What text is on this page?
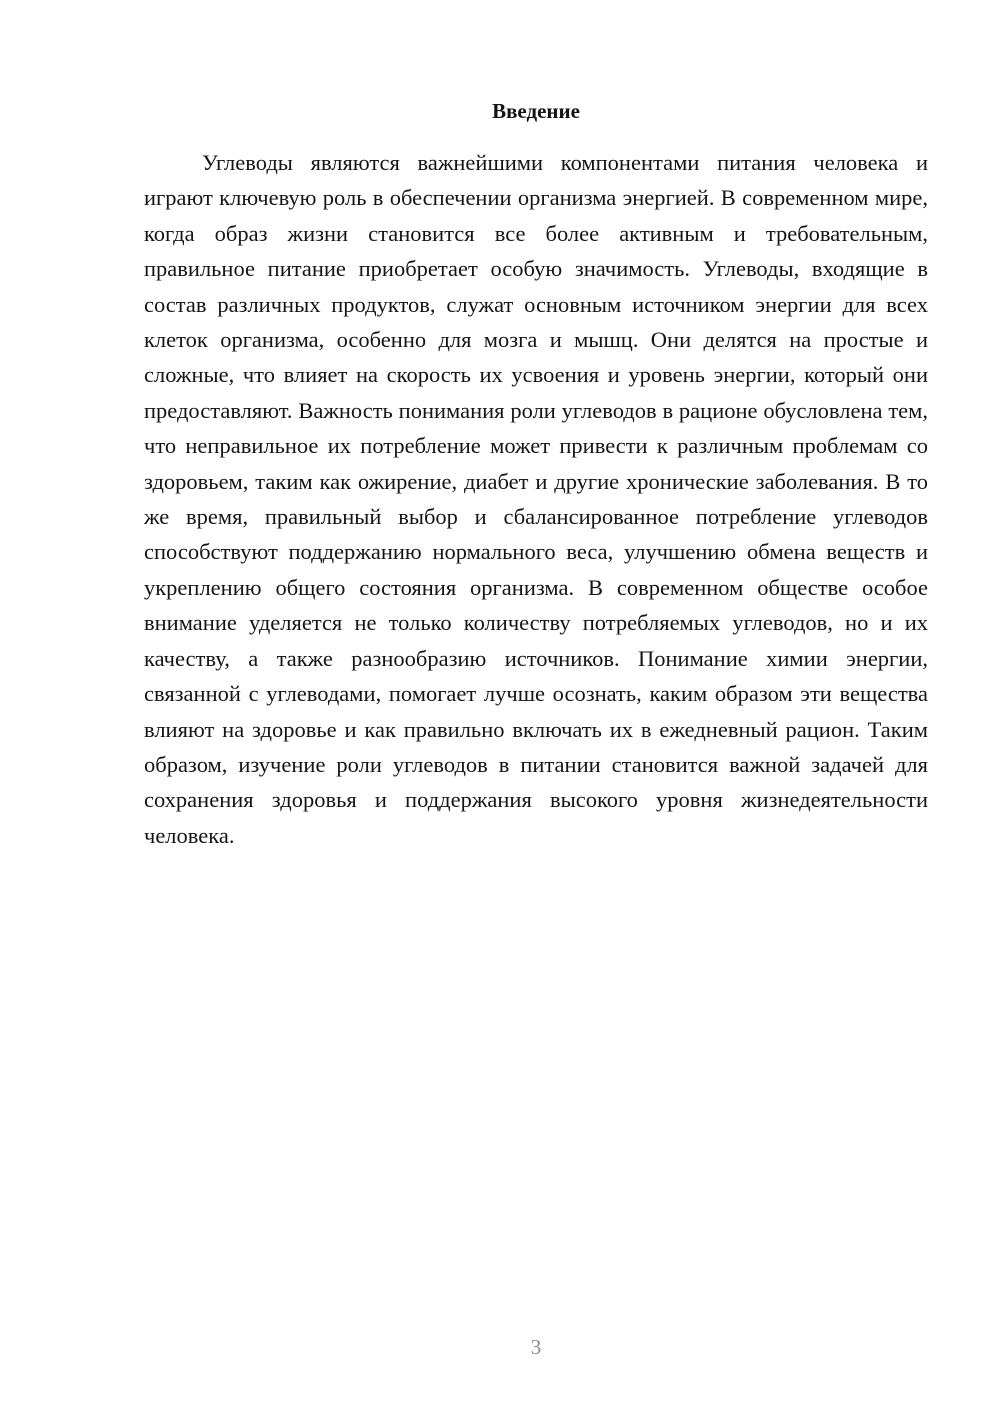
Введение

Углеводы являются важнейшими компонентами питания человека и играют ключевую роль в обеспечении организма энергией. В современном мире, когда образ жизни становится все более активным и требовательным, правильное питание приобретает особую значимость. Углеводы, входящие в состав различных продуктов, служат основным источником энергии для всех клеток организма, особенно для мозга и мышц. Они делятся на простые и сложные, что влияет на скорость их усвоения и уровень энергии, который они предоставляют. Важность понимания роли углеводов в рационе обусловлена тем, что неправильное их потребление может привести к различным проблемам со здоровьем, таким как ожирение, диабет и другие хронические заболевания. В то же время, правильный выбор и сбалансированное потребление углеводов способствуют поддержанию нормального веса, улучшению обмена веществ и укреплению общего состояния организма. В современном обществе особое внимание уделяется не только количеству потребляемых углеводов, но и их качеству, а также разнообразию источников. Понимание химии энергии, связанной с углеводами, помогает лучше осознать, каким образом эти вещества влияют на здоровье и как правильно включать их в ежедневный рацион. Таким образом, изучение роли углеводов в питании становится важной задачей для сохранения здоровья и поддержания высокого уровня жизнедеятельности человека.

3
